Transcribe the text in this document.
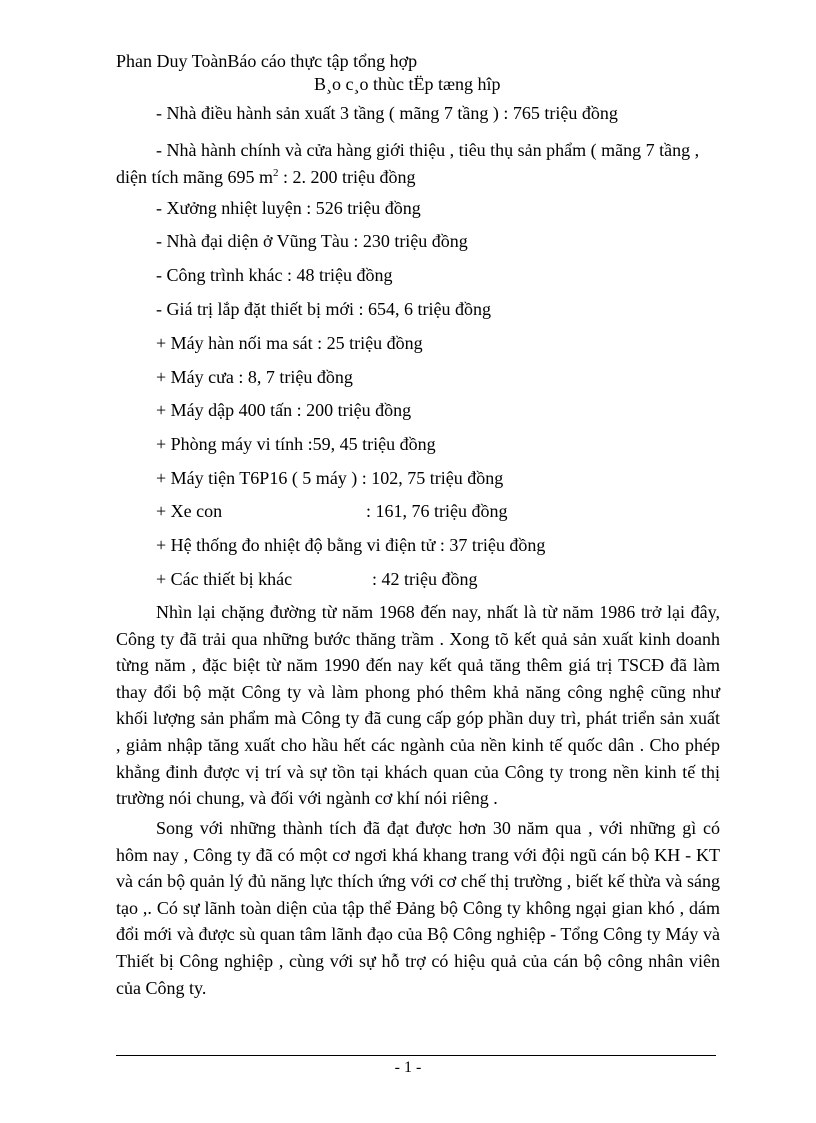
Phan Duy ToànBáo cáo thực tập tổng hợp
B¸o c¸o thùc tËp tæng hîp
- Nhà điều hành sản xuất 3 tầng ( mãng 7 tầng ) : 765 triệu đồng
- Nhà hành chính và cửa hàng giới thiệu , tiêu thụ sản phẩm ( mãng 7 tầng , diện tích mãng 695 $m^2$ : 2. 200 triệu đồng
- Xưởng nhiệt luyện : 526 triệu đồng
- Nhà đại diện ở Vũng Tàu : 230 triệu đồng
- Công trình khác : 48 triệu đồng
- Giá trị lắp đặt thiết bị mới : 654, 6 triệu đồng
+ Máy hàn nối ma sát : 25 triệu đồng
+ Máy cưa : 8, 7 triệu đồng
+ Máy dập 400 tấn : 200 triệu đồng
+ Phòng máy vi tính :59, 45 triệu đồng
+ Máy tiện T6P16 ( 5 máy ) : 102, 75 triệu đồng
+ Xe con	: 161, 76 triệu đồng
+ Hệ thống đo nhiệt độ bằng vi điện tử : 37 triệu đồng
+ Các thiết bị khác	: 42 triệu đồng
Nhìn lại chặng đường từ năm 1968 đến nay, nhất là từ năm 1986 trở lại đây, Công ty đã trải qua những bước thăng trầm . Xong tõ kết quả sản xuất kinh doanh từng năm , đặc biệt từ năm 1990 đến nay kết quả tăng thêm giá trị TSCĐ đã làm thay đổi bộ mặt Công ty và làm phong phó thêm khả năng công nghệ cũng như khối lượng sản phẩm mà Công ty đã cung cấp góp phần duy trì, phát triển sản xuất , giảm nhập tăng xuất cho hầu hết các ngành của nền kinh tế quốc dân . Cho phép khẳng đinh được vị trí và sự tồn tại khách quan của Công ty trong nền kinh tế thị trường nói chung, và đối với ngành cơ khí nói riêng .
Song với những thành tích đã đạt được hơn 30 năm qua , với những gì có hôm nay , Công ty đã có một cơ ngơi khá khang trang với đội ngũ cán bộ KH - KT và cán bộ quản lý đủ năng lực thích ứng với cơ chế thị trường , biết kế thừa và sáng tạo ,. Có sự lãnh toàn diện của tập thể Đảng bộ Công ty không ngại gian khó , dám đổi mới và được sù quan tâm lãnh đạo của Bộ Công nghiệp - Tổng Công ty Máy và Thiết bị Công nghiệp , cùng với sự hỗ trợ có hiệu quả của cán bộ công nhân viên của Công ty.
- 1 -
